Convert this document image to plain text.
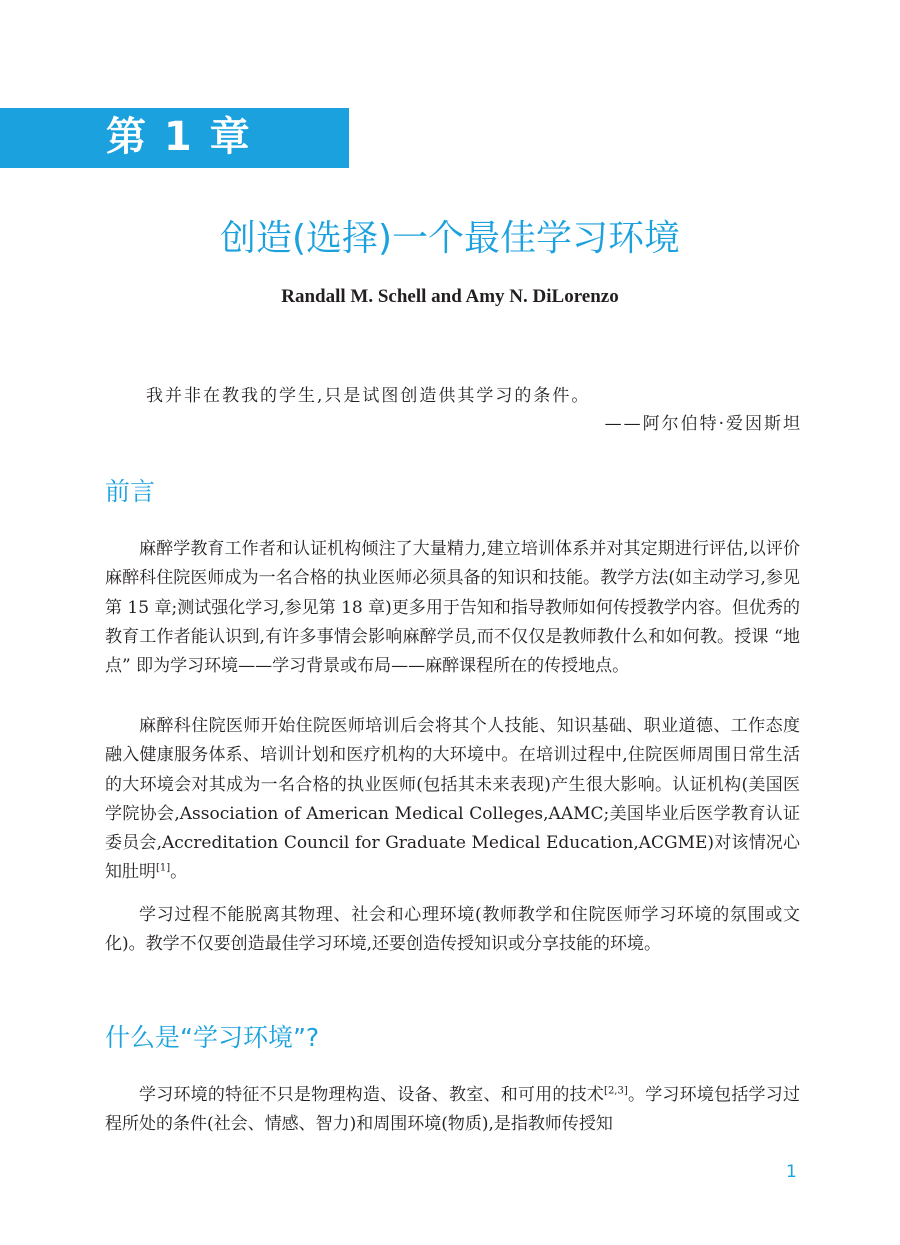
第 1 章
创造(选择)一个最佳学习环境
Randall M. Schell and Amy N. DiLorenzo
我并非在教我的学生,只是试图创造供其学习的条件。
——阿尔伯特·爱因斯坦
前言

麻醉学教育工作者和认证机构倾注了大量精力,建立培训体系并对其定期进行评估,以评价麻醉科住院医师成为一名合格的执业医师必须具备的知识和技能。教学方法(如主动学习,参见第 15 章;测试强化学习,参见第 18 章)更多用于告知和指导教师如何传授教学内容。但优秀的教育工作者能认识到,有许多事情会影响麻醉学员,而不仅仅是教师教什么和如何教。授课 “地点” 即为学习环境——学习背景或布局——麻醉课程所在的传授地点。

麻醉科住院医师开始住院医师培训后会将其个人技能、知识基础、职业道德、工作态度融入健康服务体系、培训计划和医疗机构的大环境中。在培训过程中,住院医师周围日常生活的大环境会对其成为一名合格的执业医师(包括其未来表现)产生很大影响。认证机构(美国医学院协会,Association of American Medical Colleges,AAMC;美国毕业后医学教育认证委员会,Accreditation Council for Graduate Medical Education,ACGME)对该情况心知肚明[1]。

学习过程不能脱离其物理、社会和心理环境(教师教学和住院医师学习环境的氛围或文化)。教学不仅要创造最佳学习环境,还要创造传授知识或分享技能的环境。

什么是“学习环境”?

学习环境的特征不只是物理构造、设备、教室、和可用的技术[2,3]。学习环境包括学习过程所处的条件(社会、情感、智力)和周围环境(物质),是指教师传授知

1
